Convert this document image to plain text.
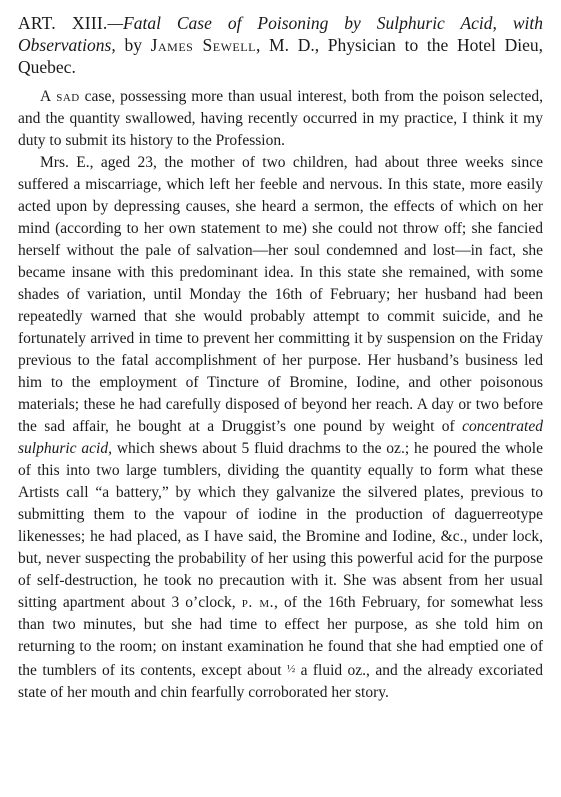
ART. XIII.—Fatal Case of Poisoning by Sulphuric Acid, with Observations, by James Sewell, M. D., Physician to the Hotel Dieu, Quebec.

A sad case, possessing more than usual interest, both from the poison selected, and the quantity swallowed, having recently occurred in my practice, I think it my duty to submit its history to the Profession.

Mrs. E., aged 23, the mother of two children, had about three weeks since suffered a miscarriage, which left her feeble and nervous. In this state, more easily acted upon by depressing causes, she heard a sermon, the effects of which on her mind (according to her own statement to me) she could not throw off; she fancied herself without the pale of salvation—her soul condemned and lost—in fact, she became insane with this predominant idea. In this state she remained, with some shades of variation, until Monday the 16th of February; her husband had been repeatedly warned that she would probably attempt to commit suicide, and he fortunately arrived in time to prevent her committing it by suspension on the Friday previous to the fatal accomplishment of her purpose. Her husband’s business led him to the employment of Tincture of Bromine, Iodine, and other poisonous materials; these he had carefully disposed of beyond her reach. A day or two before the sad affair, he bought at a Druggist’s one pound by weight of concentrated sulphuric acid, which shews about 5 fluid drachms to the oz.; he poured the whole of this into two large tumblers, dividing the quantity equally to form what these Artists call “a battery,” by which they galvanize the silvered plates, previous to submitting them to the vapour of iodine in the production of daguerreotype likenesses; he had placed, as I have said, the Bromine and Iodine, &c., under lock, but, never suspecting the probability of her using this powerful acid for the purpose of self-destruction, he took no precaution with it. She was absent from her usual sitting apartment about 3 o’clock, p. m., of the 16th February, for somewhat less than two minutes, but she had time to effect her purpose, as she told him on returning to the room; on instant examination he found that she had emptied one of the tumblers of its contents, except about ½ a fluid oz., and the already excoriated state of her mouth and chin fearfully corroborated her story.
